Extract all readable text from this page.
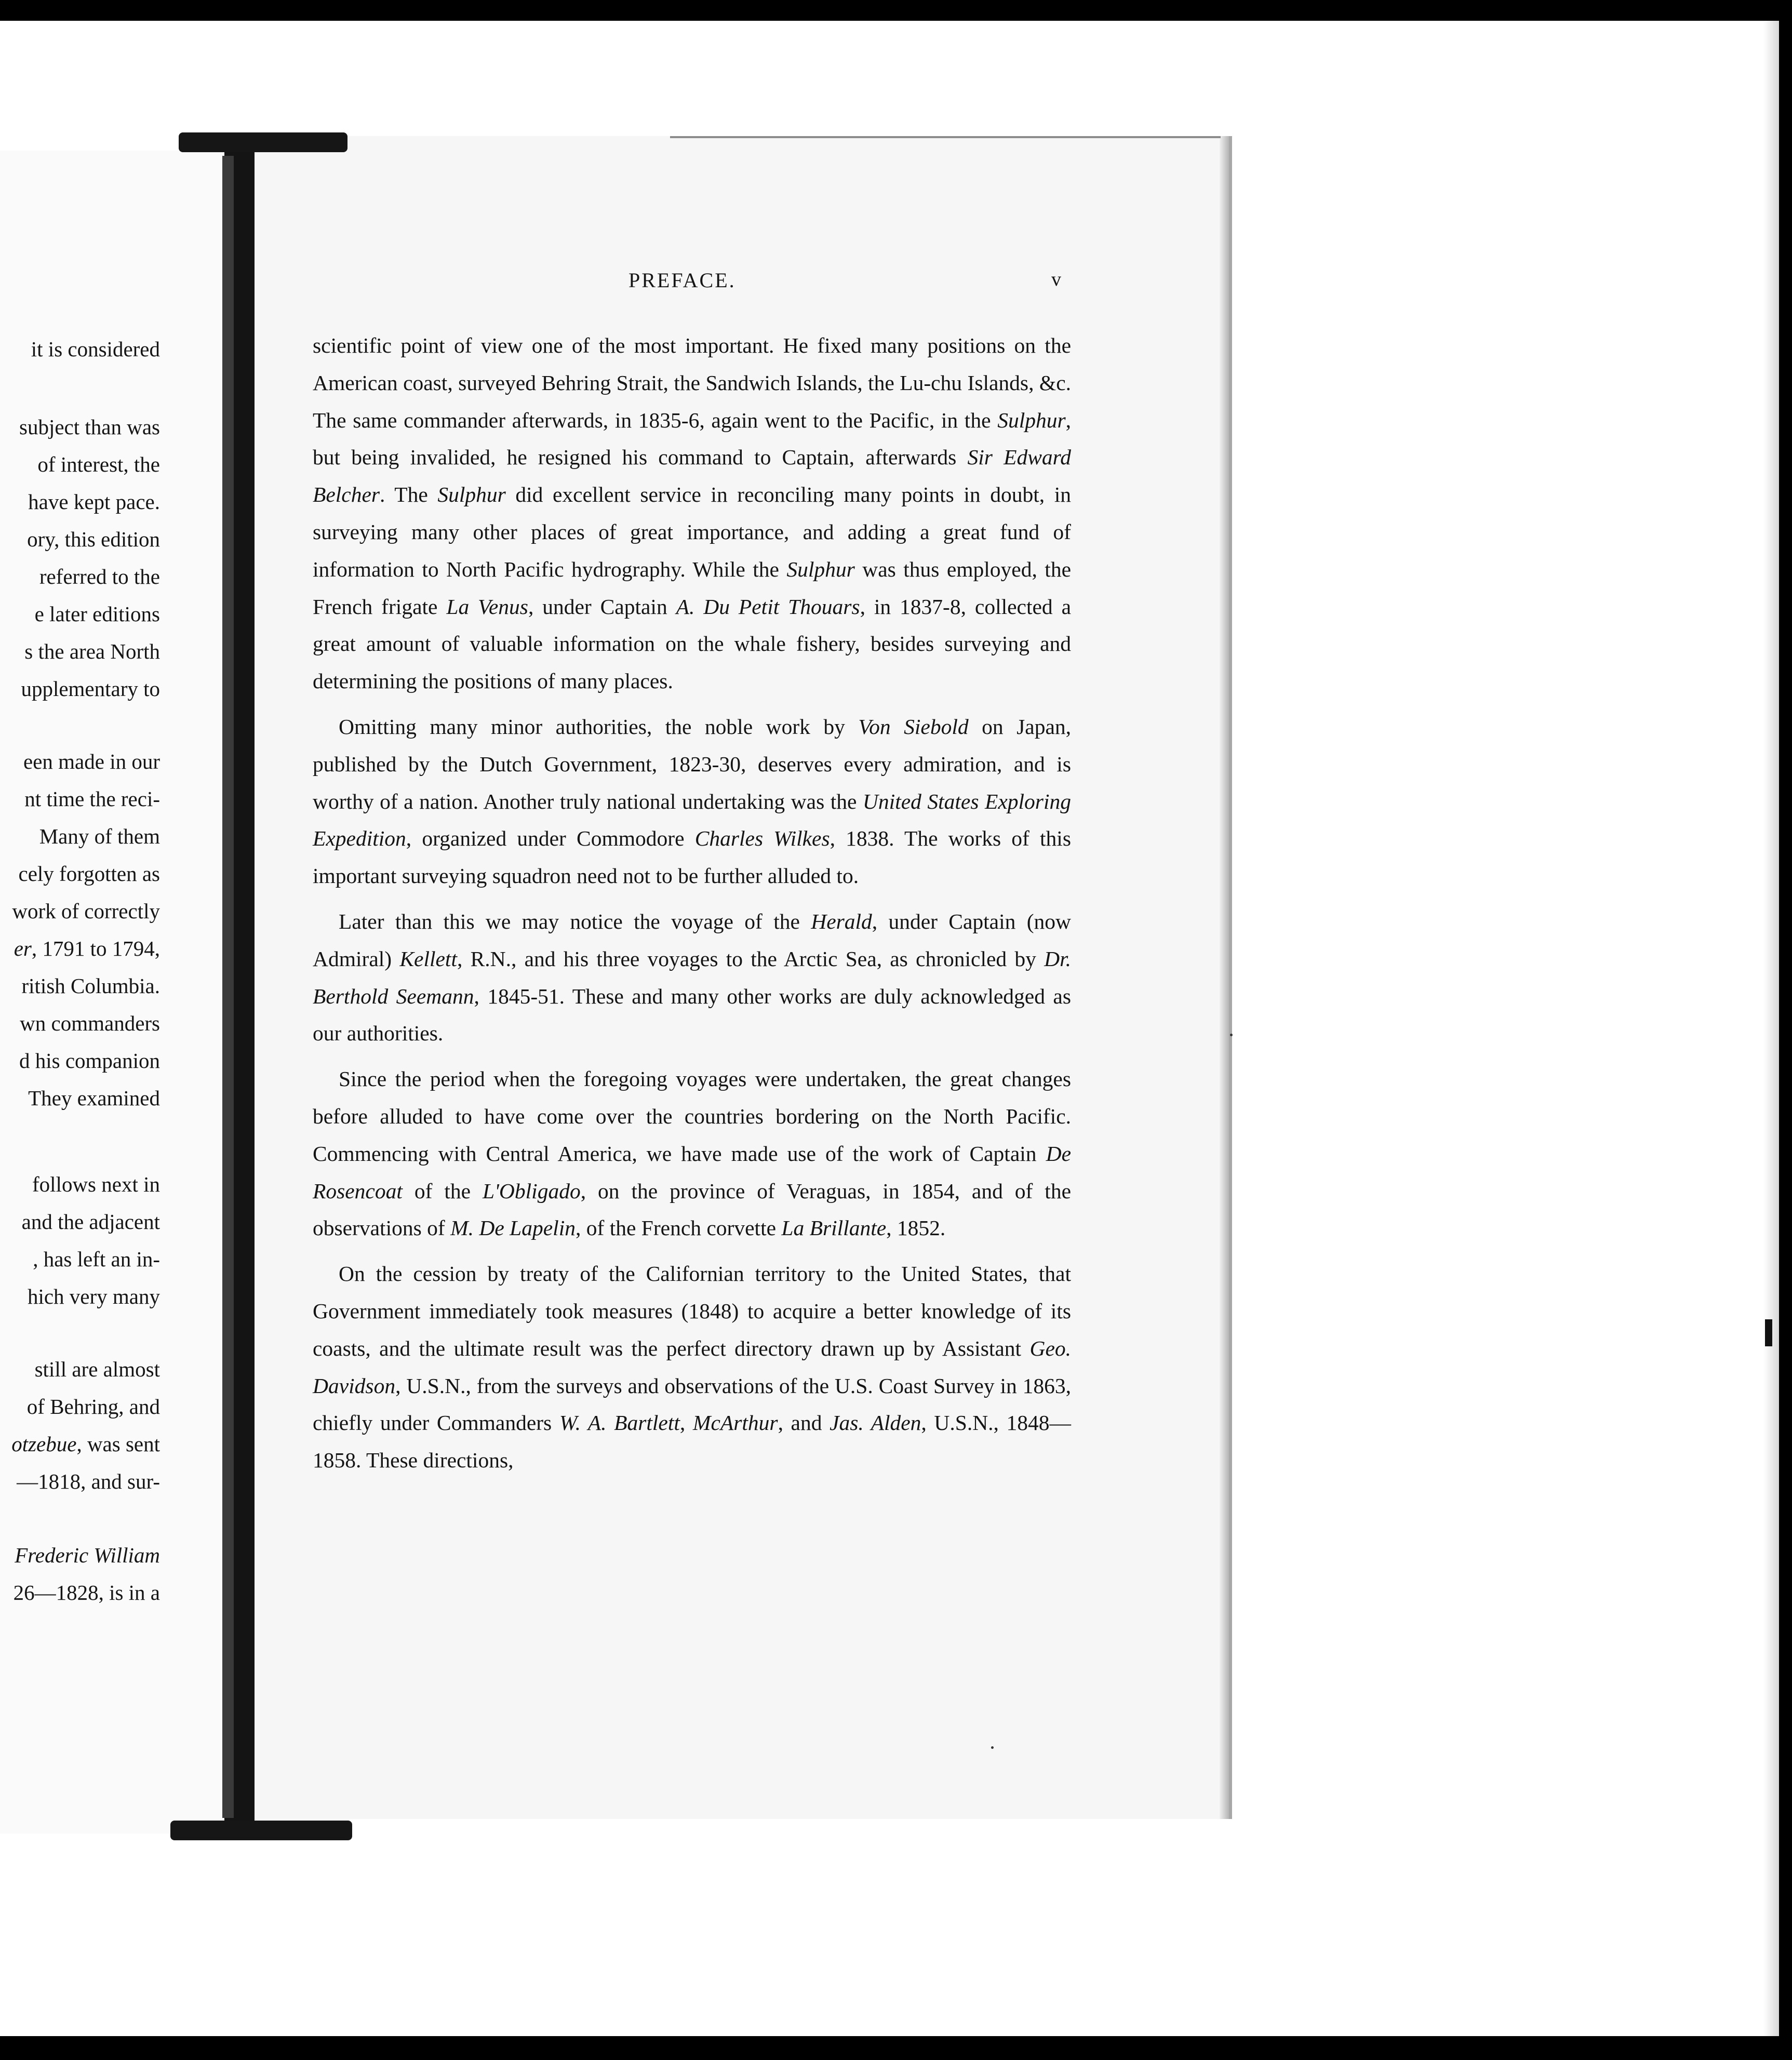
it is considered
subject than was
of interest, the
have kept pace.
ory, this edition
referred to the
e later editions
s the area North
upplementary to
een made in our
nt time the reci-
Many of them
cely forgotten as
work of correctly
er, 1791 to 1794,
ritish Columbia.
wn commanders
d his companion
They examined
follows next in
and the adjacent
, has left an in-
hich very many
still are almost
of Behring, and
otzebue, was sent
—1818, and sur-
Frederic William
26—1828, is in a
PREFACE.	v

scientific point of view one of the most important. He fixed many positions on the American coast, surveyed Behring Strait, the Sandwich Islands, the Lu-chu Islands, &c. The same commander afterwards, in 1835-6, again went to the Pacific, in the Sulphur, but being invalided, he resigned his command to Captain, afterwards Sir Edward Belcher. The Sulphur did excellent service in reconciling many points in doubt, in surveying many other places of great importance, and adding a great fund of information to North Pacific hydrography. While the Sulphur was thus employed, the French frigate La Venus, under Captain A. Du Petit Thouars, in 1837-8, collected a great amount of valuable information on the whale fishery, besides surveying and determining the positions of many places.

Omitting many minor authorities, the noble work by Von Siebold on Japan, published by the Dutch Government, 1823-30, deserves every admiration, and is worthy of a nation. Another truly national undertaking was the United States Exploring Expedition, organized under Commodore Charles Wilkes, 1838. The works of this important surveying squadron need not to be further alluded to.

Later than this we may notice the voyage of the Herald, under Captain (now Admiral) Kellett, R.N., and his three voyages to the Arctic Sea, as chronicled by Dr. Berthold Seemann, 1845-51. These and many other works are duly acknowledged as our authorities.

Since the period when the foregoing voyages were undertaken, the great changes before alluded to have come over the countries bordering on the North Pacific. Commencing with Central America, we have made use of the work of Captain De Rosencoat of the L'Obligado, on the province of Veraguas, in 1854, and of the observations of M. De Lapelin, of the French corvette La Brillante, 1852.

On the cession by treaty of the Californian territory to the United States, that Government immediately took measures (1848) to acquire a better knowledge of its coasts, and the ultimate result was the perfect directory drawn up by Assistant Geo. Davidson, U.S.N., from the surveys and observations of the U.S. Coast Survey in 1863, chiefly under Commanders W. A. Bartlett, McArthur, and Jas. Alden, U.S.N., 1848—1858. These directions,
